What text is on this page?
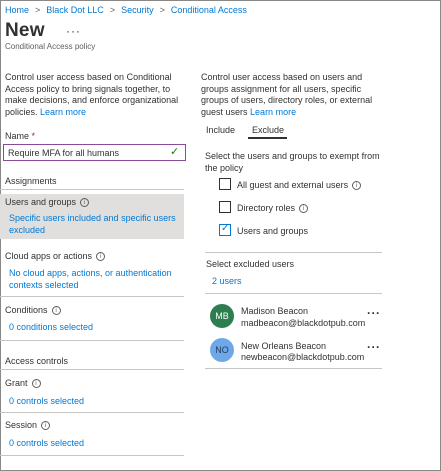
Home > Black Dot LLC > Security > Conditional Access
New ···
Conditional Access policy
Control user access based on Conditional Access policy to bring signals together, to make decisions, and enforce organizational policies. Learn more
Name *
Require MFA for all humans
✓
Assignments
Users and groups i
Specific users included and specific users excluded
Cloud apps or actions i
No cloud apps, actions, or authentication contexts selected
Conditions i
0 conditions selected
Access controls
Grant i
0 controls selected
Session i
0 controls selected
Control user access based on users and groups assignment for all users, specific groups of users, directory roles, or external guest users Learn more
Include Exclude
Select the users and groups to exempt from the policy
All guest and external users i
Directory roles i
✓ Users and groups
Select excluded users
2 users
MB	Madison Beacon
madbeacon@blackdotpub.com
···
NO	New Orleans Beacon
newbeacon@blackdotpub.com
···
